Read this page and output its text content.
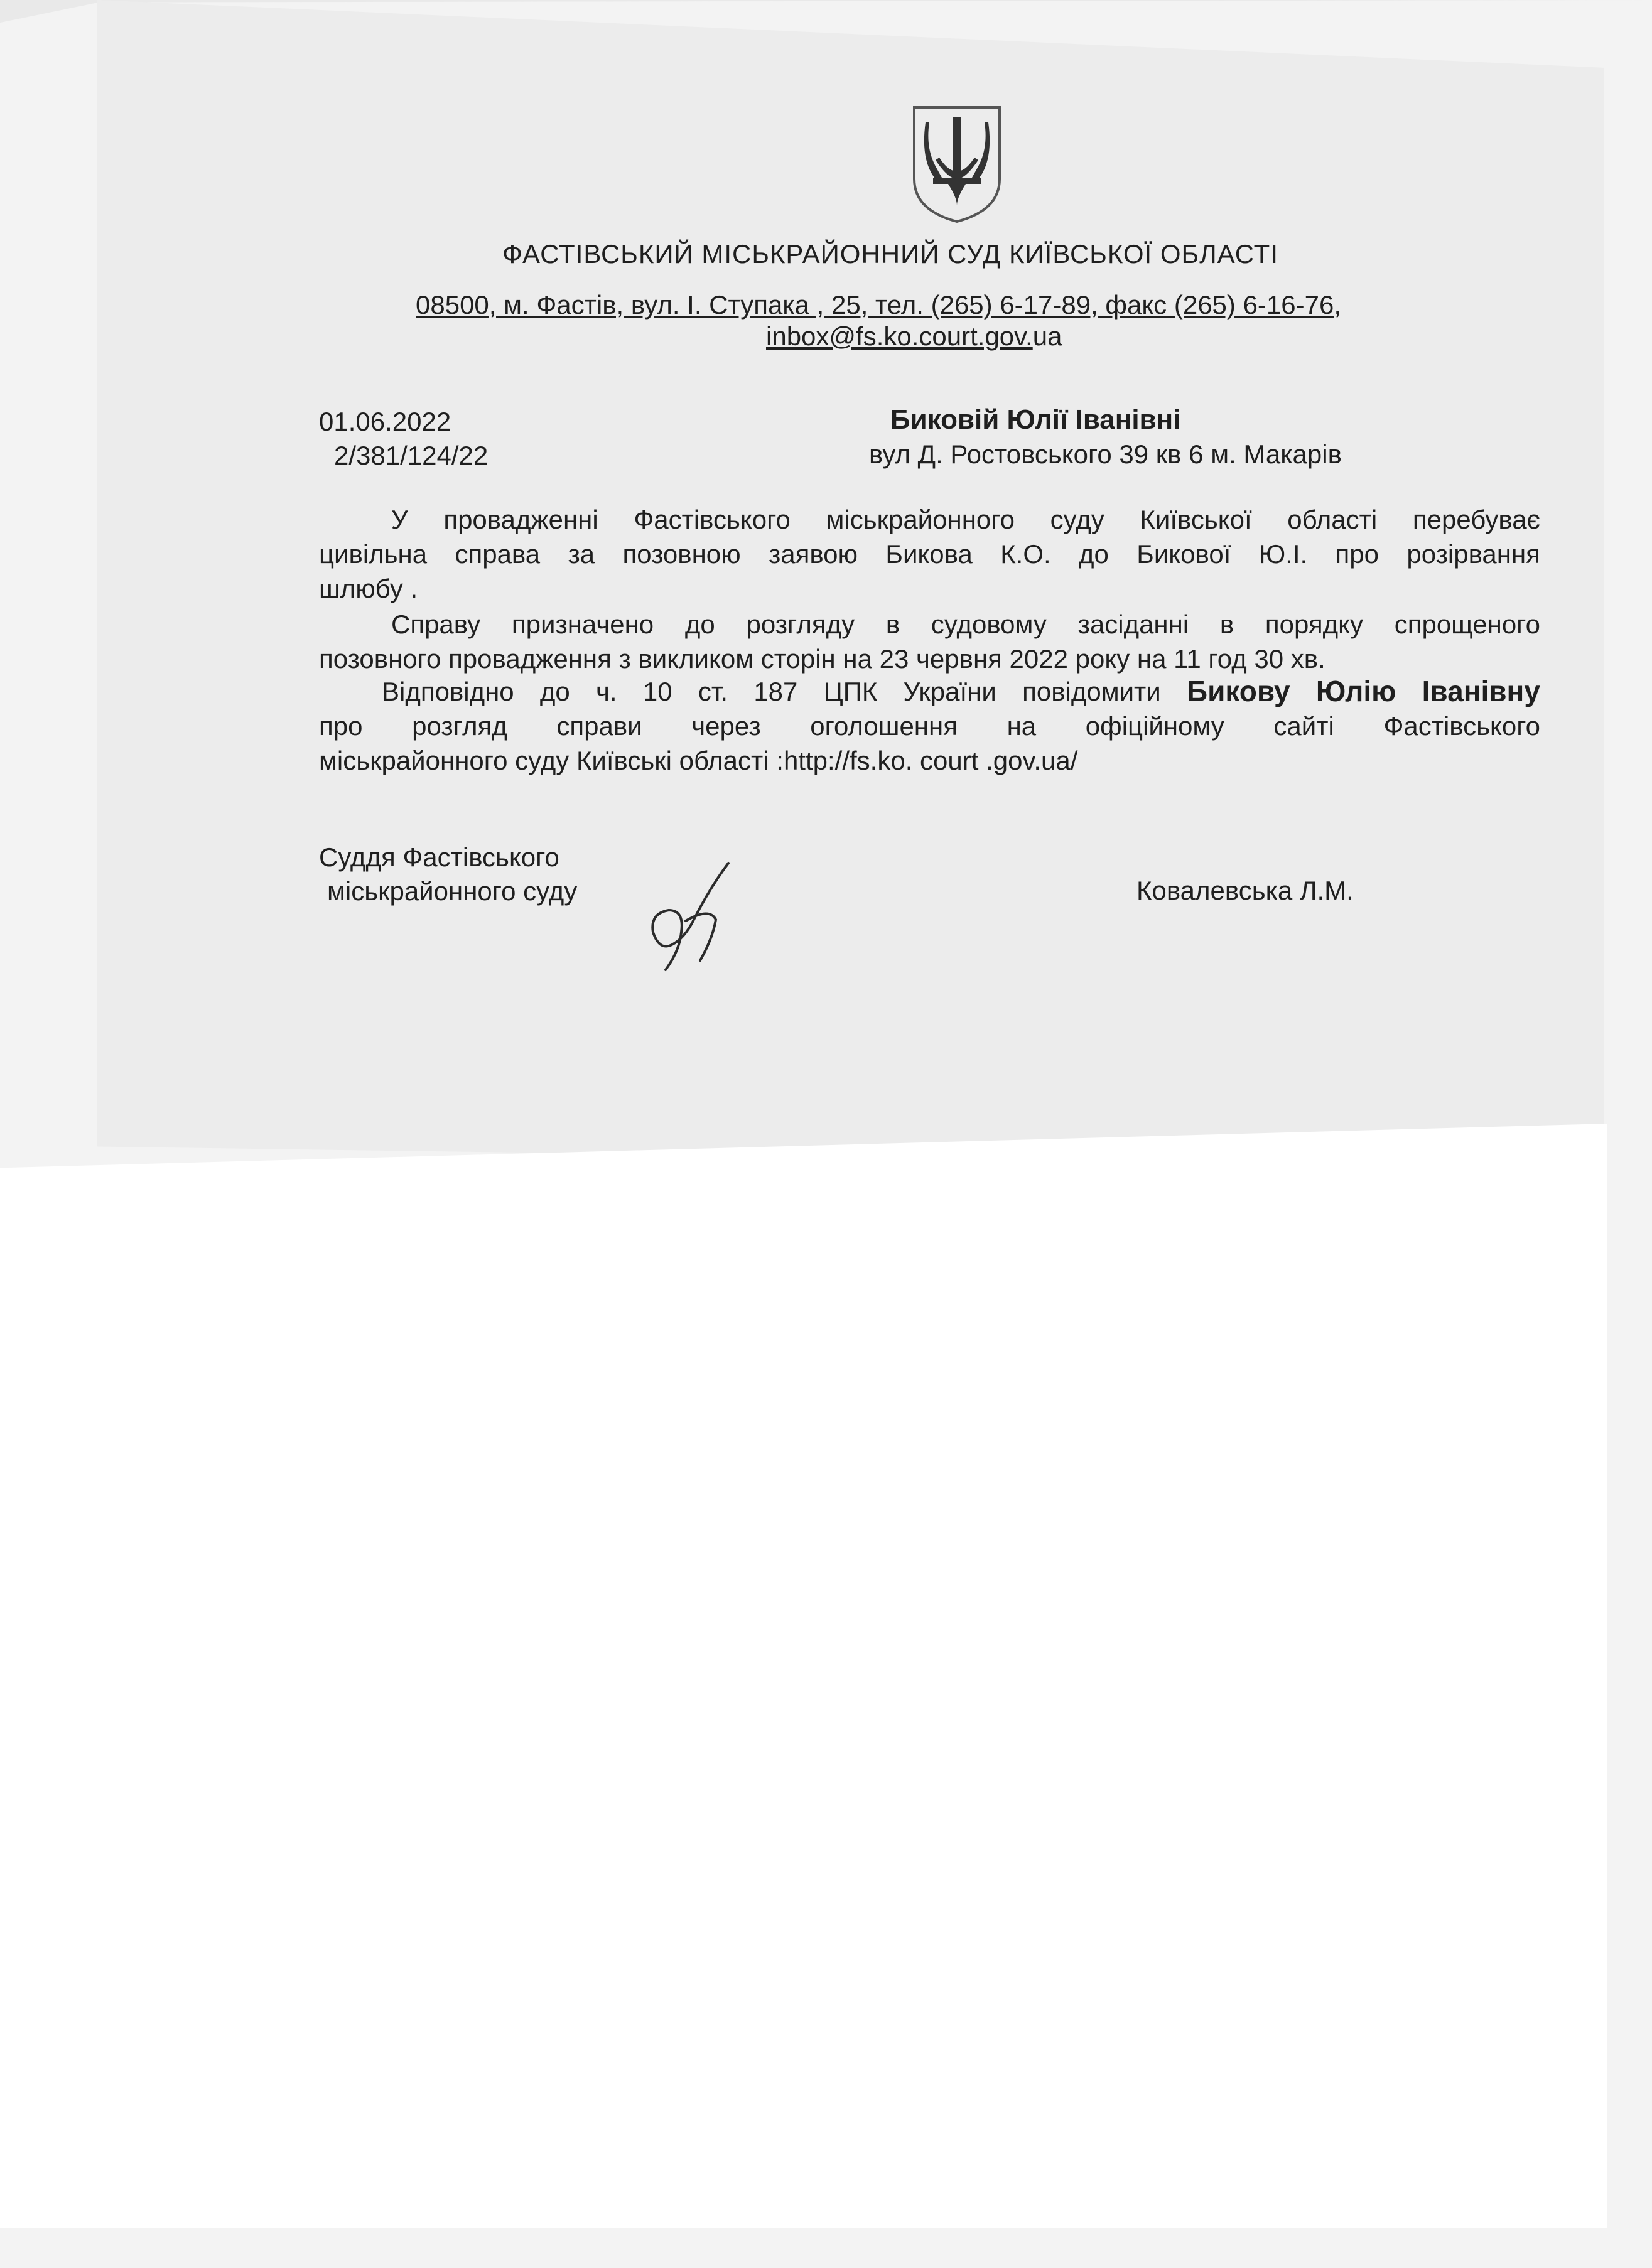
ФАСТІВСЬКИЙ МІСЬКРАЙОННИЙ СУД КИЇВСЬКОЇ ОБЛАСТІ
08500, м. Фастів, вул. І. Ступака , 25, тел. (265) 6-17-89, факс (265) 6-16-76,
inbox@fs.ko.court.gov.ua
01.06.2022
2/381/124/22
Биковій Юлії Іванівні
вул Д. Ростовського 39 кв 6 м. Макарів
У провадженні Фастівського міськрайонного суду Київської області перебуває
цивільна справа за позовною заявою Бикова К.О. до Бикової Ю.І. про розірвання
шлюбу .
Справу призначено до розгляду в судовому засіданні в порядку спрощеного
позовного провадження з викликом сторін на 23 червня 2022 року на 11 год 30 хв.
Відповідно до ч. 10 ст. 187 ЦПК України повідомити Бикову Юлію Іванівну
про розгляд справи через оголошення на офіційному сайті Фастівського
міськрайонного суду Київські області :http://fs.ko. court .gov.ua/
Суддя Фастівського
міськрайонного суду	Ковалевська Л.М.
